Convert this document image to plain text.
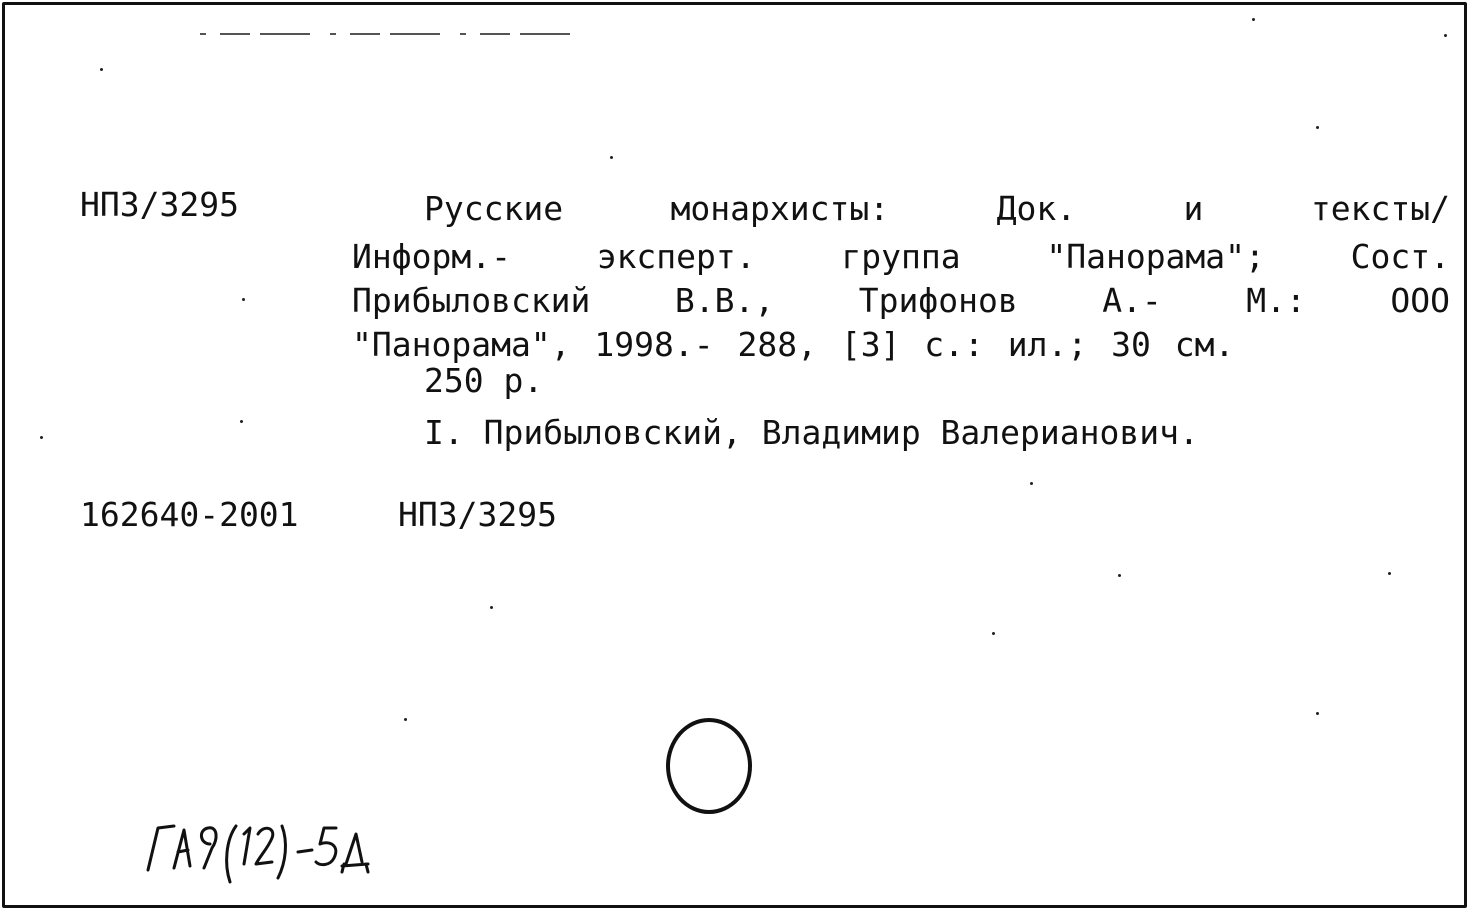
НПЗ/3295	Русские монархисты: Док. и тексты/
Информ.- эксперт. группа "Панорама"; Сост.
Прибыловский В.В., Трифонов А.- М.: ООО
"Панорама", 1998.- 288, [3] с.: ил.; 30 см.
250 р.
I. Прибыловский, Владимир Валерианович.
162640-2001	НПЗ/3295
